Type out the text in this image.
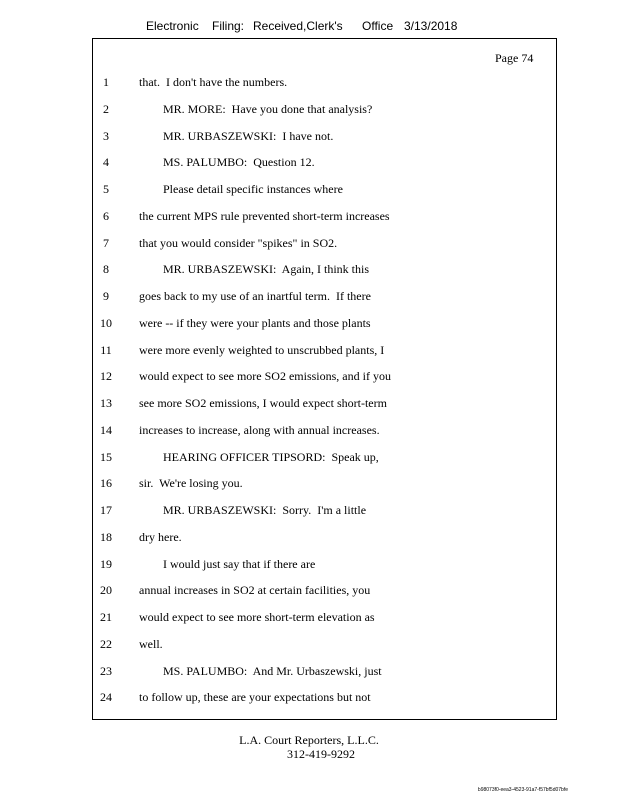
Electronic Filing: Received,Clerk's Office 3/13/2018
Page 74
1	that.  I don't have the numbers.
2	MR. MORE:  Have you done that analysis?
3	MR. URBASZEWSKI:  I have not.
4	MS. PALUMBO:  Question 12.
5	Please detail specific instances where
6	the current MPS rule prevented short-term increases
7	that you would consider "spikes" in SO2.
8	MR. URBASZEWSKI:  Again, I think this
9	goes back to my use of an inartful term.  If there
10	were -- if they were your plants and those plants
11	were more evenly weighted to unscrubbed plants, I
12	would expect to see more SO2 emissions, and if you
13	see more SO2 emissions, I would expect short-term
14	increases to increase, along with annual increases.
15	HEARING OFFICER TIPSORD:  Speak up,
16	sir.  We're losing you.
17	MR. URBASZEWSKI:  Sorry.  I'm a little
18	dry here.
19	I would just say that if there are
20	annual increases in SO2 at certain facilities, you
21	would expect to see more short-term elevation as
22	well.
23	MS. PALUMBO:  And Mr. Urbaszewski, just
24	to follow up, these are your expectations but not
L.A. Court Reporters, L.L.C.
312-419-9292
b98073f0-eea3-4523-91a7-f57bf5d07bfe
